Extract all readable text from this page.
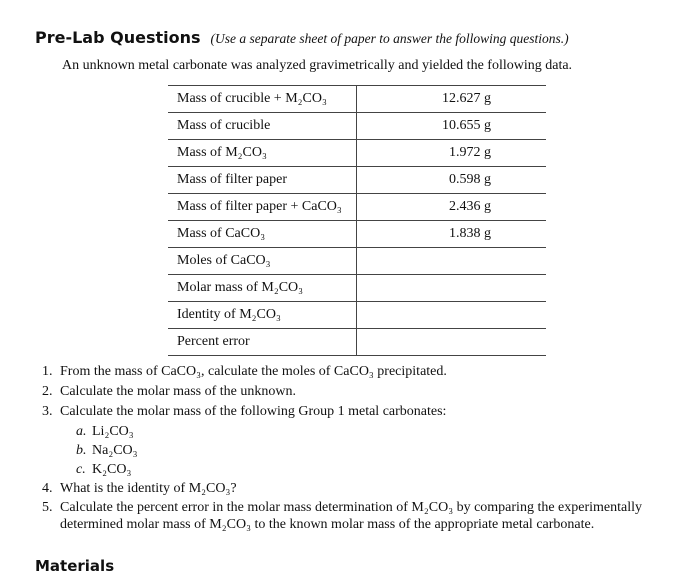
Pre-Lab Questions (Use a separate sheet of paper to answer the following questions.)
An unknown metal carbonate was analyzed gravimetrically and yielded the following data.
Mass of crucible + M₂CO₃	12.627 g
Mass of crucible	10.655 g
Mass of M₂CO₃	1.972 g
Mass of filter paper	0.598 g
Mass of filter paper + CaCO₃	2.436 g
Mass of CaCO₃	1.838 g
Moles of CaCO₃	
Molar mass of M₂CO₃	
Identity of M₂CO₃	
Percent error	
1. From the mass of CaCO₃, calculate the moles of CaCO₃ precipitated.
2. Calculate the molar mass of the unknown.
3. Calculate the molar mass of the following Group 1 metal carbonates:
a. Li₂CO₃
b. Na₂CO₃
c. K₂CO₃
4. What is the identity of M₂CO₃?
5. Calculate the percent error in the molar mass determination of M₂CO₃ by comparing the experimentally
determined molar mass of M₂CO₃ to the known molar mass of the appropriate metal carbonate.
Materials
